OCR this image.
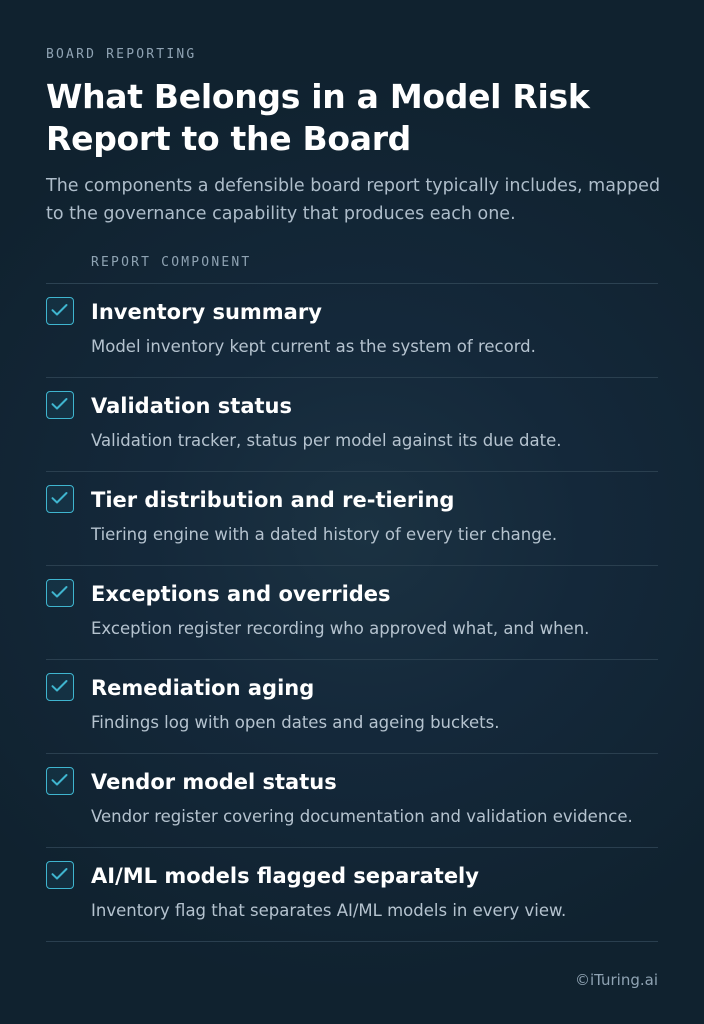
BOARD REPORTING
What Belongs in a Model Risk Report to the Board
The components a defensible board report typically includes, mapped to the governance capability that produces each one.
REPORT COMPONENT
Inventory summary
Model inventory kept current as the system of record.
Validation status
Validation tracker, status per model against its due date.
Tier distribution and re-tiering
Tiering engine with a dated history of every tier change.
Exceptions and overrides
Exception register recording who approved what, and when.
Remediation aging
Findings log with open dates and ageing buckets.
Vendor model status
Vendor register covering documentation and validation evidence.
AI/ML models flagged separately
Inventory flag that separates AI/ML models in every view.
©iTuring.ai
